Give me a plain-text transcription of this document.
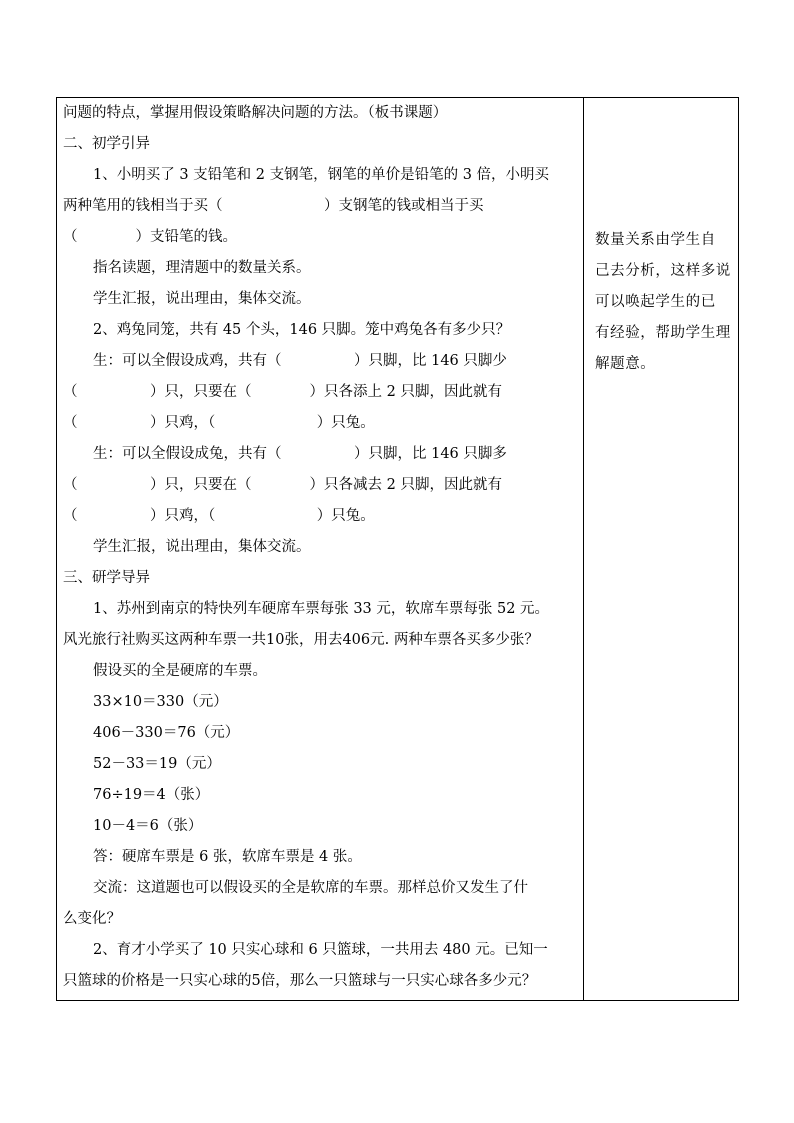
问题的特点，掌握用假设策略解决问题的方法。（板书课题）
二、初学引异
1、小明买了 3 支铅笔和 2 支钢笔，钢笔的单价是铅笔的 3 倍，小明买
两种笔用的钱相当于买（　　　　　　　）支钢笔的钱或相当于买
（　　　　）支铅笔的钱。
指名读题，理清题中的数量关系。
学生汇报，说出理由，集体交流。
2、鸡兔同笼，共有 45 个头，146 只脚。笼中鸡兔各有多少只？
生：可以全假设成鸡，共有（　　　　　）只脚，比 146 只脚少
（　　　　　）只，只要在（　　　　）只各添上 2 只脚，因此就有
（　　　　　）只鸡，（　　　　　　　）只兔。
生：可以全假设成兔，共有（　　　　　）只脚，比 146 只脚多
（　　　　　）只，只要在（　　　　）只各减去 2 只脚，因此就有
（　　　　　）只鸡，（　　　　　　　）只兔。
学生汇报，说出理由，集体交流。
三、研学导异
1、苏州到南京的特快列车硬席车票每张 33 元，软席车票每张 52 元。
风光旅行社购买这两种车票一共10张，用去406元. 两种车票各买多少张？
假设买的全是硬席的车票。
33×10＝330（元）
406－330＝76（元）
52－33＝19（元）
76÷19＝4（张）
10－4＝6（张）
答：硬席车票是 6 张，软席车票是 4 张。
交流：这道题也可以假设买的全是软席的车票。那样总价又发生了什
么变化？
2、育才小学买了 10 只实心球和 6 只篮球，一共用去 480 元。已知一
只篮球的价格是一只实心球的5倍，那么一只篮球与一只实心球各多少元？
数量关系由学生自
己去分析，这样多说
可以唤起学生的已
有经验，帮助学生理
解题意。
